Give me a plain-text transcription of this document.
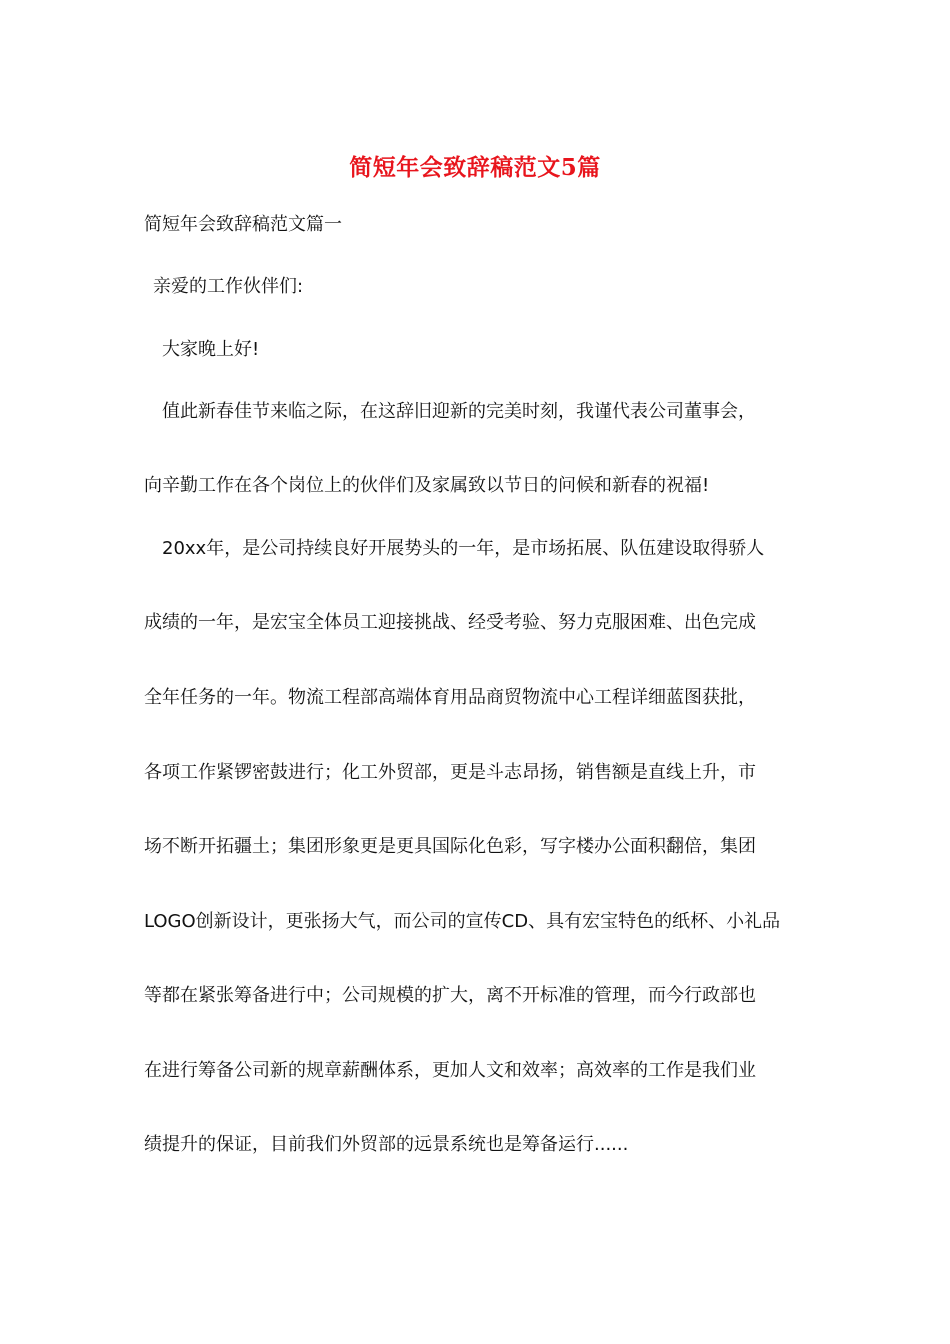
简短年会致辞稿范文5篇
简短年会致辞稿范文篇一
亲爱的工作伙伴们:
大家晚上好!
值此新春佳节来临之际，在这辞旧迎新的完美时刻，我谨代表公司董事会，
向辛勤工作在各个岗位上的伙伴们及家属致以节日的问候和新春的祝福!
20xx年，是公司持续良好开展势头的一年，是市场拓展、队伍建设取得骄人
成绩的一年，是宏宝全体员工迎接挑战、经受考验、努力克服困难、出色完成
全年任务的一年。物流工程部高端体育用品商贸物流中心工程详细蓝图获批，
各项工作紧锣密鼓进行；化工外贸部，更是斗志昂扬，销售额是直线上升，市
场不断开拓疆土；集团形象更是更具国际化色彩，写字楼办公面积翻倍，集团
LOGO创新设计，更张扬大气，而公司的宣传CD、具有宏宝特色的纸杯、小礼品
等都在紧张筹备进行中；公司规模的扩大，离不开标准的管理，而今行政部也
在进行筹备公司新的规章薪酬体系，更加人文和效率；高效率的工作是我们业
绩提升的保证，目前我们外贸部的远景系统也是筹备运行......
